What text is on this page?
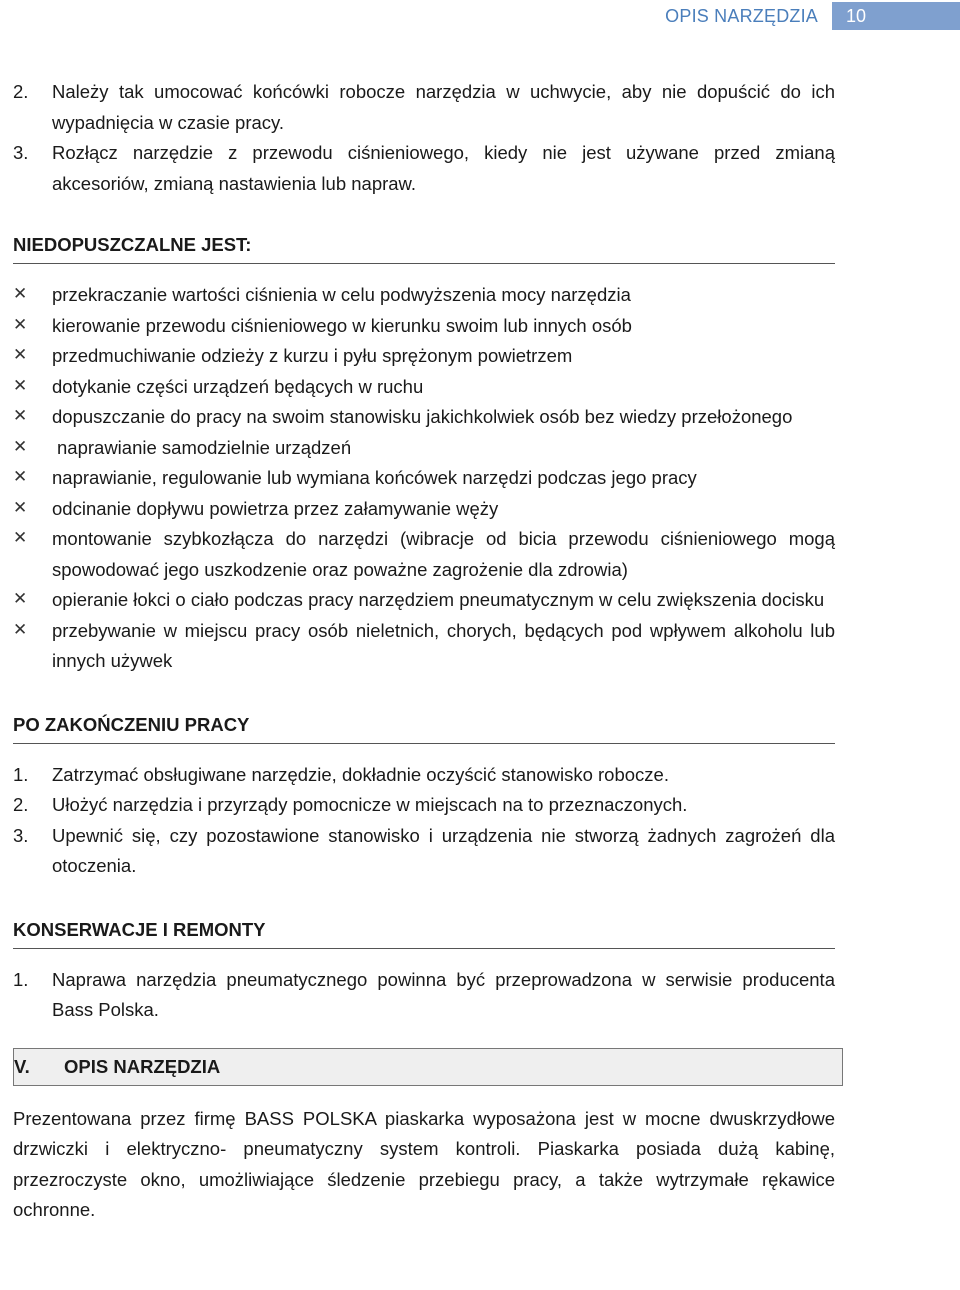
OPIS NARZĘDZIA	10
2.	Należy tak umocować końcówki robocze narzędzia w uchwycie, aby nie dopuścić do ich wypadnięcia w czasie pracy.
3.	Rozłącz narzędzie z przewodu ciśnieniowego, kiedy nie jest używane przed zmianą akcesoriów, zmianą nastawienia lub napraw.
NIEDOPUSZCZALNE JEST:
✕	przekraczanie wartości ciśnienia w celu podwyższenia mocy narzędzia
✕	kierowanie przewodu ciśnieniowego w kierunku swoim lub innych osób
✕	przedmuchiwanie odzieży z kurzu i pyłu sprężonym powietrzem
✕	dotykanie części urządzeń będących w ruchu
✕	dopuszczanie do pracy na swoim stanowisku jakichkolwiek osób bez wiedzy przełożonego
✕	naprawianie samodzielnie urządzeń
✕	naprawianie, regulowanie lub wymiana końcówek narzędzi podczas jego pracy
✕	odcinanie dopływu powietrza przez załamywanie węży
✕	montowanie szybkozłącza do narzędzi (wibracje od bicia przewodu ciśnieniowego mogą spowodować jego uszkodzenie oraz poważne zagrożenie dla zdrowia)
✕	opieranie łokci o ciało podczas pracy narzędziem pneumatycznym w celu zwiększenia docisku
✕	przebywanie w miejscu pracy osób nieletnich, chorych, będących pod wpływem alkoholu lub innych używek
PO ZAKOŃCZENIU PRACY
1.	Zatrzymać obsługiwane narzędzie, dokładnie oczyścić stanowisko robocze.
2.	Ułożyć narzędzia i przyrządy pomocnicze w miejscach na to przeznaczonych.
3.	Upewnić się, czy pozostawione stanowisko i urządzenia nie stworzą żadnych zagrożeń dla otoczenia.
KONSERWACJE I REMONTY
1.	Naprawa narzędzia pneumatycznego powinna być przeprowadzona w serwisie producenta Bass Polska.
V.	OPIS NARZĘDZIA
Prezentowana przez firmę BASS POLSKA piaskarka wyposażona jest w mocne dwuskrzydłowe drzwiczki i elektryczno- pneumatyczny system kontroli. Piaskarka posiada dużą kabinę, przezroczyste okno, umożliwiające śledzenie przebiegu pracy, a także wytrzymałe rękawice ochronne.
